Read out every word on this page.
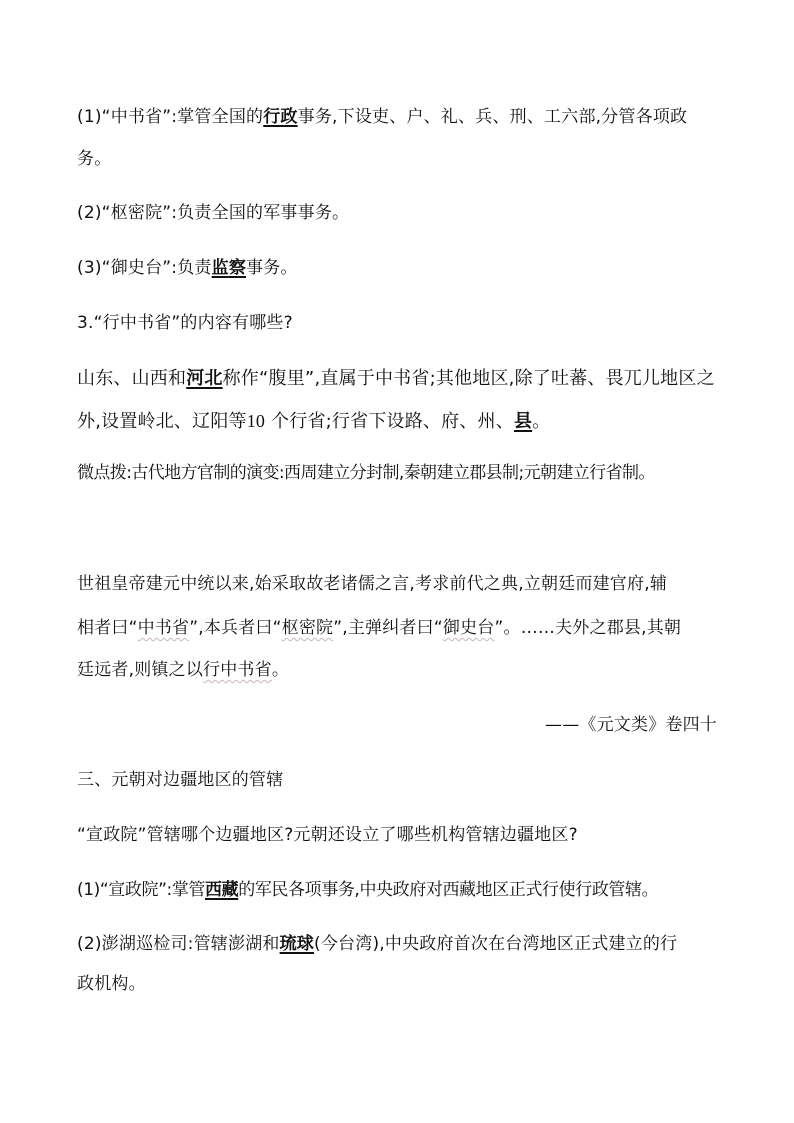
(1)“中书省”:掌管全国的行政事务,下设吏、户、礼、兵、刑、工六部,分管各项政
务。
(2)“枢密院”:负责全国的军事事务。
(3)“御史台”:负责监察事务。
3.“行中书省”的内容有哪些?
山东、山西和河北称作“腹里”,直属于中书省;其他地区,除了吐蕃、畏兀儿地区之
外,设置岭北、辽阳等10 个行省;行省下设路、府、州、县。
微点拨:古代地方官制的演变:西周建立分封制,秦朝建立郡县制;元朝建立行省制。
世祖皇帝建元中统以来,始采取故老诸儒之言,考求前代之典,立朝廷而建官府,辅
相者曰“中书省”,本兵者曰“枢密院”,主弹纠者曰“御史台”。……夫外之郡县,其朝
廷远者,则镇之以行中书省。
——《元文类》卷四十
三、元朝对边疆地区的管辖
“宣政院”管辖哪个边疆地区?元朝还设立了哪些机构管辖边疆地区?
(1)“宣政院”:掌管西藏的军民各项事务,中央政府对西藏地区正式行使行政管辖。
(2)澎湖巡检司:管辖澎湖和琉球(今台湾),中央政府首次在台湾地区正式建立的行
政机构。
